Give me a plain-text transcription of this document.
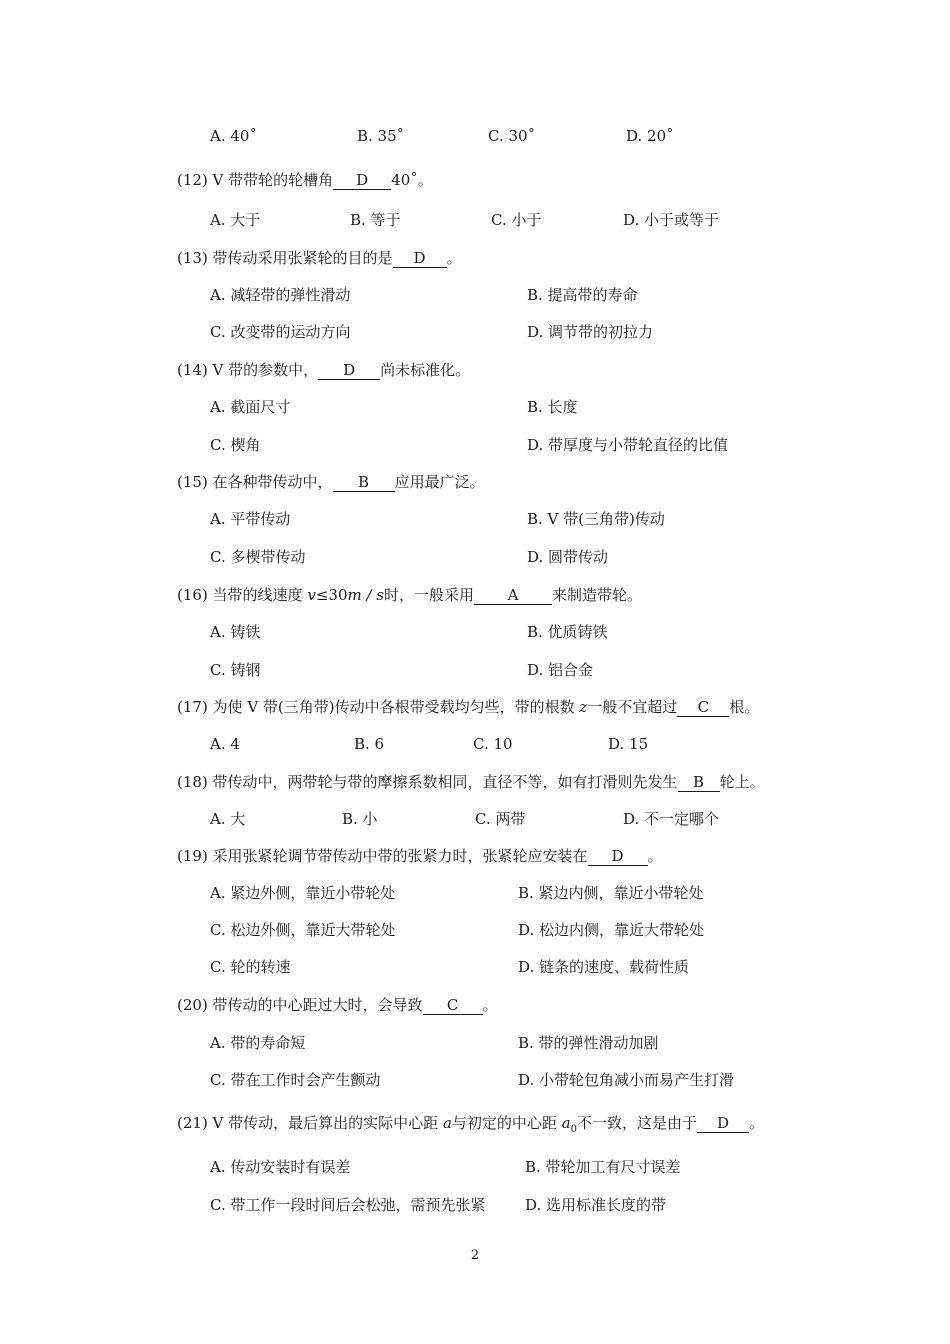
A. 40˚	B. 35˚	C. 30˚	D. 20˚
(12) V 带带轮的轮槽角 D 40˚。
A. 大于	B. 等于	C. 小于	D. 小于或等于
(13) 带传动采用张紧轮的目的是 D 。
A. 减轻带的弹性滑动	B. 提高带的寿命
C. 改变带的运动方向	D. 调节带的初拉力
(14) V 带的参数中， D 尚未标准化。
A. 截面尺寸	B. 长度
C. 楔角	D. 带厚度与小带轮直径的比值
(15) 在各种带传动中， B 应用最广泛。
A. 平带传动	B. V 带(三角带)传动
C. 多楔带传动	D. 圆带传动
(16) 当带的线速度 v≤30m / s时，一般采用 A 来制造带轮。
A. 铸铁	B. 优质铸铁
C. 铸钢	D. 铝合金
(17) 为使 V 带(三角带)传动中各根带受载均匀些，带的根数 z一般不宜超过 C 根。
A. 4	B. 6	C. 10	D. 15
(18) 带传动中，两带轮与带的摩擦系数相同，直径不等，如有打滑则先发生 B 轮上。
A. 大	B. 小	C. 两带	D. 不一定哪个
(19) 采用张紧轮调节带传动中带的张紧力时，张紧轮应安装在 D 。
A. 紧边外侧，靠近小带轮处	B. 紧边内侧，靠近小带轮处
C. 松边外侧，靠近大带轮处	D. 松边内侧，靠近大带轮处
C. 轮的转速	D. 链条的速度、载荷性质
(20) 带传动的中心距过大时，会导致 C 。
A. 带的寿命短	B. 带的弹性滑动加剧
C. 带在工作时会产生颤动	D. 小带轮包角减小而易产生打滑
(21) V 带传动，最后算出的实际中心距 a与初定的中心距 $a_0$不一致，这是由于 D 。
A. 传动安装时有误差	B. 带轮加工有尺寸误差
C. 带工作一段时间后会松弛，需预先张紧	D. 选用标准长度的带
2
